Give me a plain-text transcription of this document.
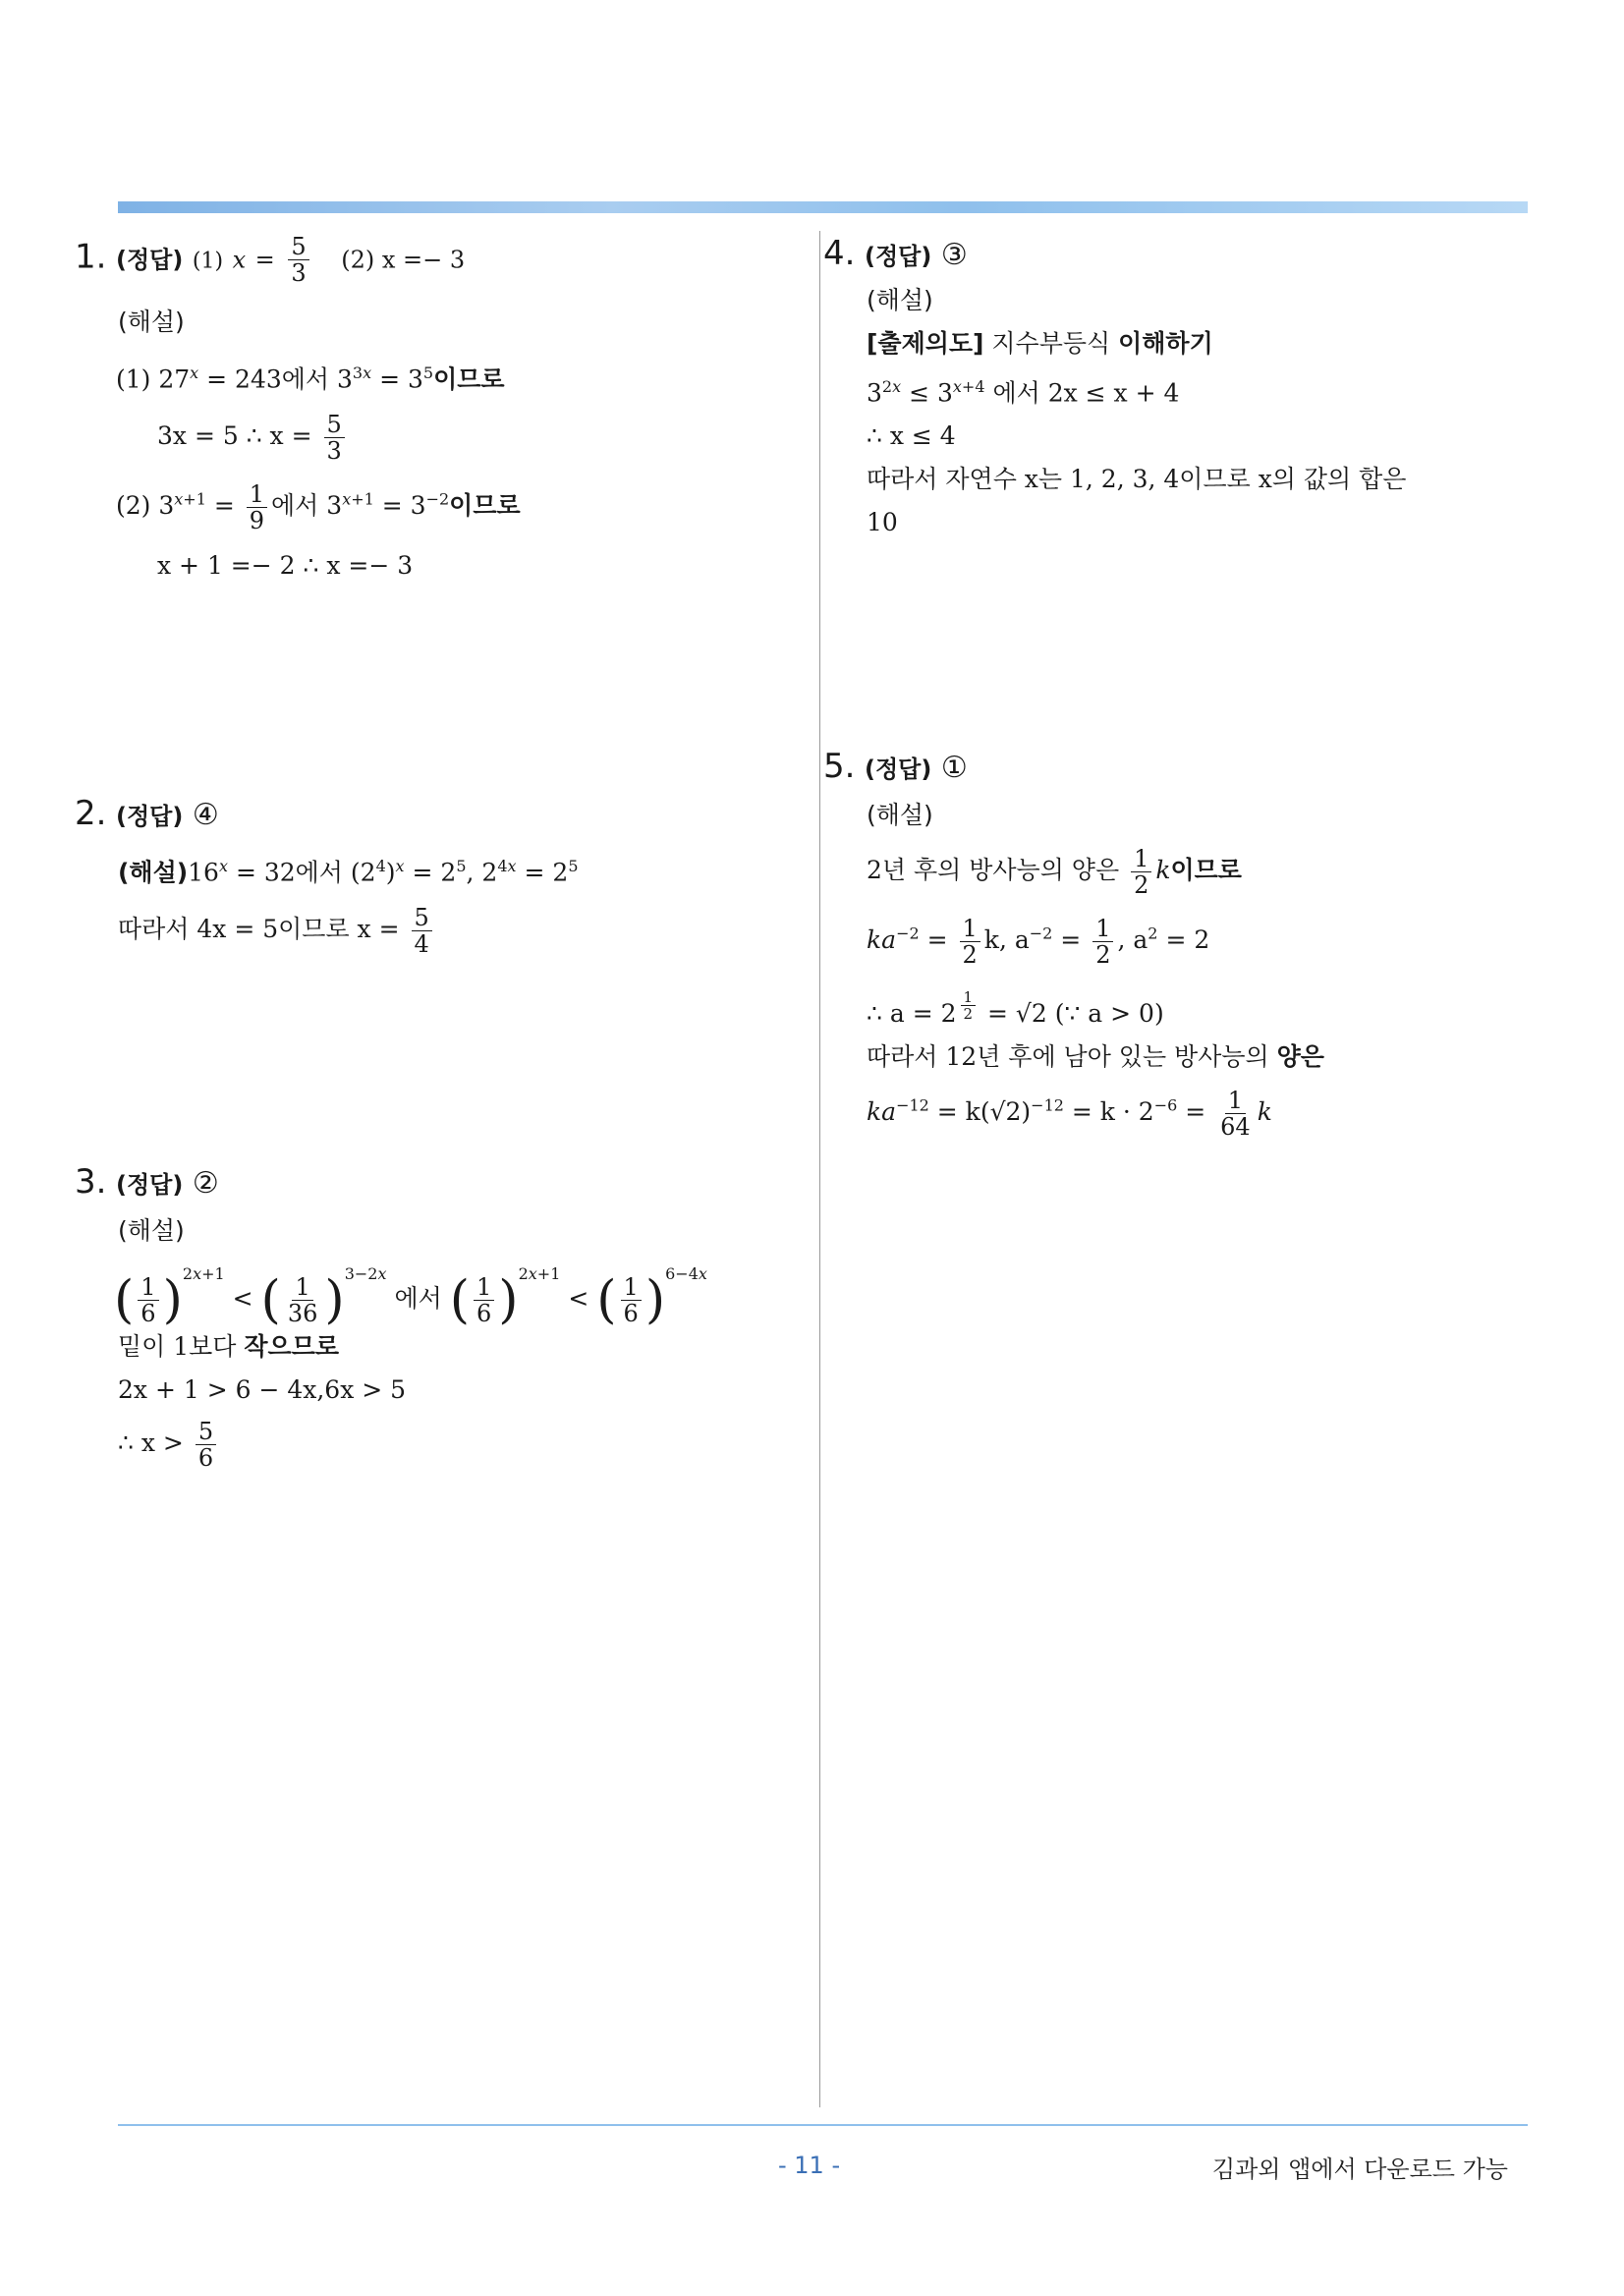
1. (정답) (1) $x = \frac{5}{3} (2) x =- 3$
(해설)
(1) $27^x = 243$에서 $3^{3x} = 3^5$이므로
3x = 5 ∴ $x = \frac{5}{3}$
(2) $3^{x+1} = \frac{1}{9}$ 에서 $3^{x+1} = 3^{-2}$이므로
x + 1 =− 2 ∴ x =− 3
2. (정답) ④
(해설)$16^x = 32$에서 $(2^4)^x = 2^5$, $2^{4x} = 2^5$
따라서 4x = 5이므로 $x = \frac{5}{4}$
3. (정답) ②
(해설)
( $\frac{1}{6} )^{2x+1}$ < ( $\frac{1}{36} )^{3-2x}$ 에서 ( $\frac{1}{6} )^{2x+1}$ < ( $\frac{1}{6} )^{6-4x}$
밑이 1보다 작으므로
2x + 1 > 6 − 4x,6x > 5
∴ $x > \frac{5}{6}$
4. (정답) ③
(해설)
[출제의도] 지수부등식 이해하기
$3^{2x} \le 3^{x+4}$ 에서 2x ≤ x + 4
∴ x ≤ 4
따라서 자연수 x는 1, 2, 3, 4이므로 x의 값의 합은
10
5. (정답) ①
(해설)
2년 후의 방사능의 양은 $\frac{1}{2}$ k이므로
$ka^{-2} = \frac{1}{2} k$, $a^{-2} = \frac{1}{2}$ , $a^2 = 2$
∴ $a = 2 \frac{1}{2} = √2$ (∵ a > 0)
따라서 12년 후에 남아 있는 방사능의 양은
$ka^{-12} = k(√2)^{-12} = k \cdot 2^{-6} = \frac{1}{64}$ k
- 11 -	김과외 앱에서 다운로드 가능
